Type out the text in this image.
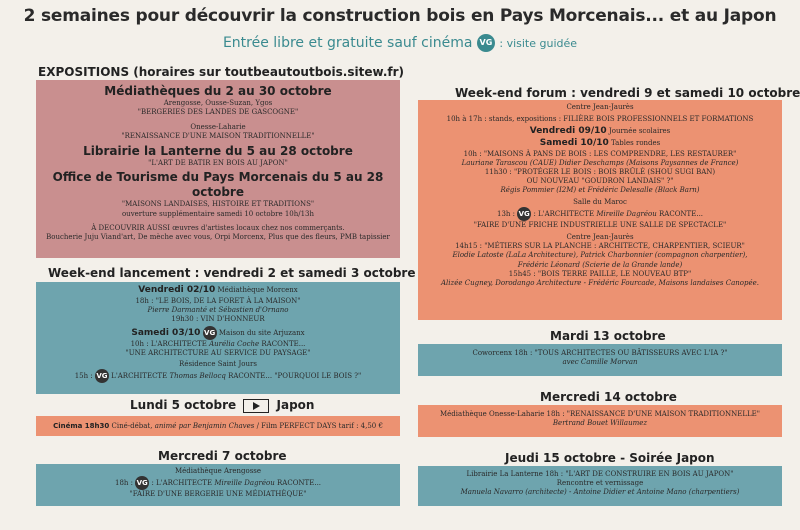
2 semaines pour découvrir la construction bois en Pays Morcenais... et au Japon
Entrée libre et gratuite sauf cinéma VG : visite guidée
EXPOSITIONS (horaires sur toutbeautoutbois.sitew.fr)
Médiathèques du 2 au 30 octobre
Arengosse, Ousse-Suzan, Ygos
"BERGERIES DES LANDES DE GASCOGNE"
Onesse-Laharie
"RENAISSANCE D'UNE MAISON TRADITIONNELLE"
Librairie la Lanterne du 5 au 28 octobre
"L'ART DE BATIR EN BOIS AU JAPON"
Office de Tourisme du Pays Morcenais du 5 au 28 octobre
"MAISONS LANDAISES, HISTOIRE ET TRADITIONS"
ouverture supplémentaire samedi 10 octobre 10h/13h
À DECOUVRIR AUSSI œuvres d'artistes locaux chez nos commerçants.
Boucherie Juju Viand'art, De mèche avec vous, Orpi Morcenx, Plus que des fleurs, PMB tapissier
Week-end lancement : vendredi 2 et samedi 3 octobre
Vendredi 02/10 Médiathèque Morcenx
18h : "LE BOIS, DE LA FORET À LA MAISON"
Pierre Darmanté et Sébastien d'Ornano
19h30 : VIN D'HONNEUR
Samedi 03/10 VG Maison du site Arjuzanx
10h : L'ARCHITECTE Aurélia Coche RACONTE...
"UNE ARCHITECTURE AU SERVICE DU PAYSAGE"
Résidence Saint Jours
15h : VG L'ARCHITECTE Thomas Bellocq RACONTE... "POURQUOI LE BOIS ?"
Lundi 5 octobre	Japon
Cinéma 18h30 Ciné-débat, animé par Benjamin Chaves / Film PERFECT DAYS tarif : 4,50 €
Mercredi 7 octobre
Médiathèque Arengosse
18h : VG : L'ARCHITECTE Mireille Dagréou RACONTE...
"FAIRE D'UNE BERGERIE UNE MÉDIATHÈQUE"
Week-end forum : vendredi 9 et samedi 10 octobre
Centre Jean-Jaurès
10h à 17h : stands, expositions : FILIÈRE BOIS PROFESSIONNELS ET FORMATIONS
Vendredi 09/10 Journée scolaires
Samedi 10/10 Tables rondes
10h : "MAISONS À PANS DE BOIS : LES COMPRENDRE, LES RESTAURER"
Lauriane Tarascou (CAUE) Didier Deschamps (Maisons Paysannes de France)
11h30 : "PROTÉGER LE BOIS : BOIS BRÛLÉ (SHOU SUGI BAN)
OU NOUVEAU "GOUDRON LANDAIS" ?"
Régis Pommier (I2M) et Frédéric Delesalle (Black Barn)
Salle du Maroc
13h : VG : L'ARCHITECTE Mireille Dagréou RACONTE...
"FAIRE D'UNE FRICHE INDUSTRIELLE UNE SALLE DE SPECTACLE"
Centre Jean-Jaurès
14h15 : "MÉTIERS SUR LA PLANCHE : ARCHITECTE, CHARPENTIER, SCIEUR"
Elodie Latoste (LaLa Architecture), Patrick Charbonnier (compagnon charpentier),
Frédéric Léonard (Scierie de la Grande lande)
15h45 : "BOIS TERRE PAILLE, LE NOUVEAU BTP"
Alizée Cugney, Dorodango Architecture - Frédéric Fourcade, Maisons landaises Canopée.
Mardi 13 octobre
Coworcenx 18h : "TOUS ARCHITECTES OU BÂTISSEURS AVEC L'IA ?"
avec Camille Morvan
Mercredi 14 octobre
Médiathèque Onesse-Laharie 18h : "RENAISSANCE D'UNE MAISON TRADITIONNELLE"
Bertrand Bouet Willaumez
Jeudi 15 octobre - Soirée Japon
Librairie La Lanterne 18h : "L'ART DE CONSTRUIRE EN BOIS AU JAPON"
Rencontre et vernissage
Manuela Navarro (architecte) - Antoine Didier et Antoine Mano (charpentiers)
